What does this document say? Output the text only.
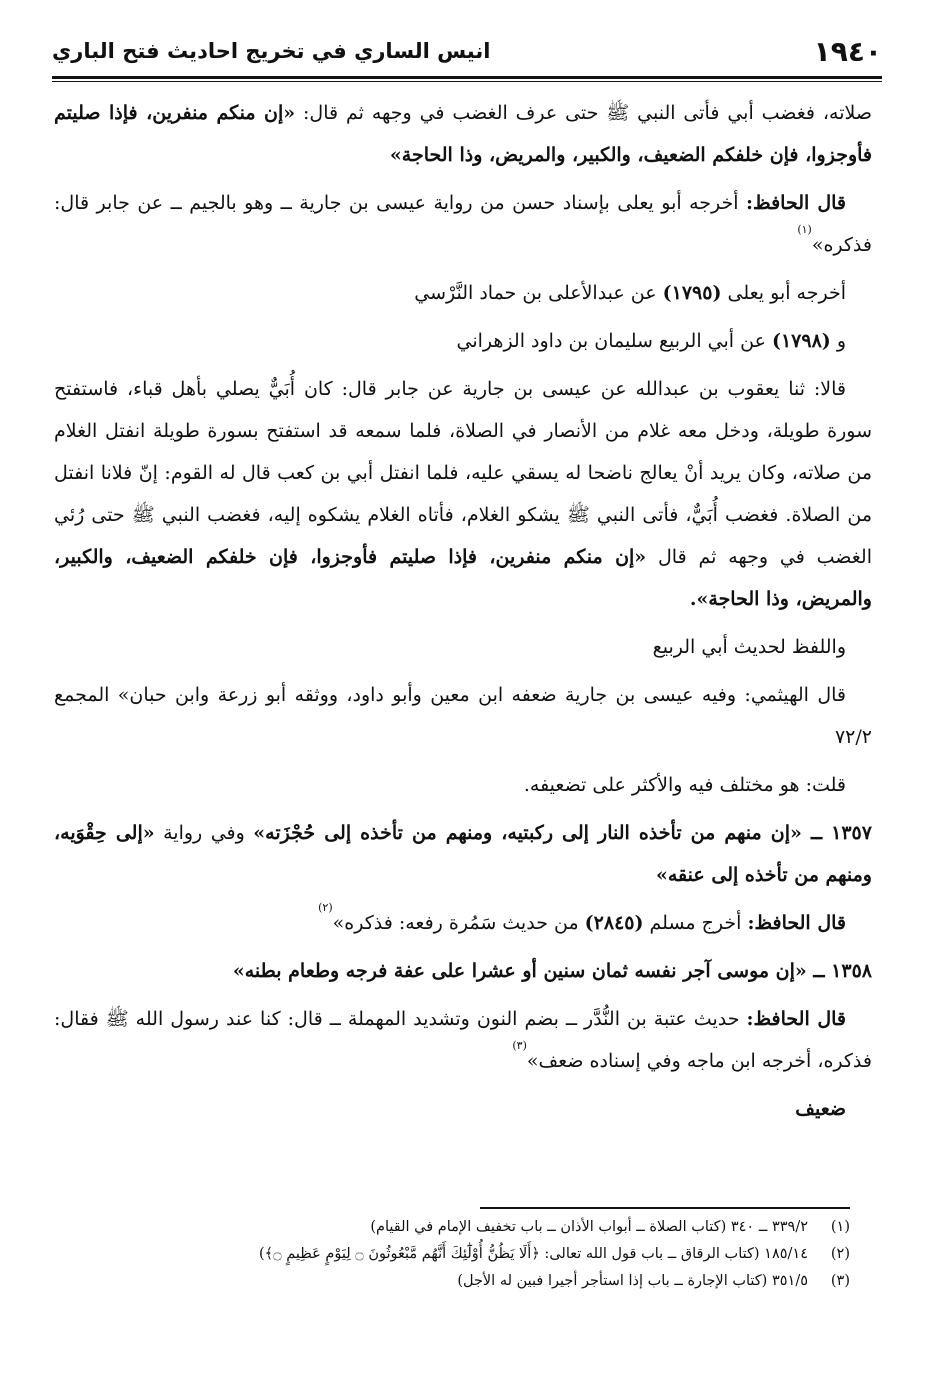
١٩٤٠
انيس الساري في تخريج احاديث فتح الباري

صلاته، فغضب أبي فأتى النبي ﷺ حتى عرف الغضب في وجهه ثم قال: «إن منكم منفرين، فإذا صليتم فأوجزوا، فإن خلفكم الضعيف، والكبير، والمريض، وذا الحاجة»

قال الحافظ: أخرجه أبو يعلى بإسناد حسن من رواية عيسى بن جارية ــ وهو بالجيم ــ عن جابر قال: فذكره»$^{(١)}$

أخرجه أبو يعلى (١٧٩٥) عن عبدالأعلى بن حماد النَّرْسي

و (١٧٩٨) عن أبي الربيع سليمان بن داود الزهراني

قالا: ثنا يعقوب بن عبدالله عن عيسى بن جارية عن جابر قال: كان أُبَيٌّ يصلي بأهل قباء، فاستفتح سورة طويلة، ودخل معه غلام من الأنصار في الصلاة، فلما سمعه قد استفتح بسورة طويلة انفتل الغلام من صلاته، وكان يريد أنْ يعالج ناضحا له يسقي عليه، فلما انفتل أبي بن كعب قال له القوم: إنّ فلانا انفتل من الصلاة. فغضب أُبَيٌّ، فأتى النبي ﷺ يشكو الغلام، فأتاه الغلام يشكوه إليه، فغضب النبي ﷺ حتى رُئي الغضب في وجهه ثم قال «إن منكم منفرين، فإذا صليتم فأوجزوا، فإن خلفكم الضعيف، والكبير، والمريض، وذا الحاجة».

واللفظ لحديث أبي الربيع

قال الهيثمي: وفيه عيسى بن جارية ضعفه ابن معين وأبو داود، ووثقه أبو زرعة وابن حبان» المجمع ٧٢/٢

قلت: هو مختلف فيه والأكثر على تضعيفه.

١٣٥٧ ــ «إن منهم من تأخذه النار إلى ركبتيه، ومنهم من تأخذه إلى حُجْزَته» وفي رواية «إلى حِقْوَيه، ومنهم من تأخذه إلى عنقه»

قال الحافظ: أخرج مسلم (٢٨٤٥) من حديث سَمُرة رفعه: فذكره»$^{(٢)}$

١٣٥٨ ــ «إن موسى آجر نفسه ثمان سنين أو عشرا على عفة فرجه وطعام بطنه»

قال الحافظ: حديث عتبة بن النُّدَّر ــ بضم النون وتشديد المهملة ــ قال: كنا عند رسول الله ﷺ فقال: فذكره، أخرجه ابن ماجه وفي إسناده ضعف»$^{(٣)}$

ضعيف

(١)
٣٣٩/٢ ــ ٣٤٠ (كتاب الصلاة ــ أبواب الأذان ــ باب تخفيف الإمام في القيام)
(٢)
١٨٥/١٤ (كتاب الرقاق ــ باب قول الله تعالى: ﴿أَلَا يَظُنُّ أُوْلَٰٓئِكَ أَنَّهُم مَّبْعُوثُونَ ۝ لِيَوْمٍ عَظِيمٍ ۝﴾)
(٣)
٣٥١/٥ (كتاب الإجارة ــ باب إذا استأجر أجيرا فبين له الأجل)
